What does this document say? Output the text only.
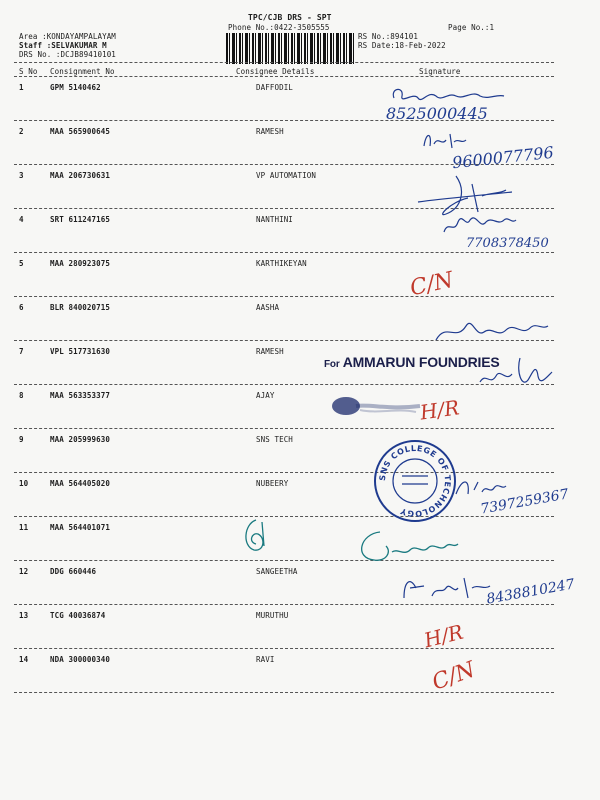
TPC/CJB DRS - SPT
Phone No.:0422-3505555	Page No.:1
Area :KONDAYAMPALAYAM
Staff :SELVAKUMAR M
DRS No. :DCJB89410101
RS No.:894101
RS Date:18-Feb-2022
S No Consignment No	Consignee Details	Signature
1	GPM 5140462	DAFFODIL
2	MAA 565900645	RAMESH
3	MAA 206730631	VP AUTOMATION
4	SRT 611247165	NANTHINI
5	MAA 280923075	KARTHIKEYAN
6	BLR 840020715	AASHA
7	VPL 517731630	RAMESH
8	MAA 563353377	AJAY
9	MAA 205999630	SNS TECH
10	MAA 564405020	NUBEERY
11	MAA 564401071
12	DDG 660446	SANGEETHA
13	TCG 40036874	MURUTHU
14	NDA 300000340	RAVI
8525000445
9600077796
7708378450
C/N
H/R
7397259367
8438810247
H/R
C/N
For AMMARUN FOUNDRIES
SNS COLLEGE OF TECHNOLOGY
